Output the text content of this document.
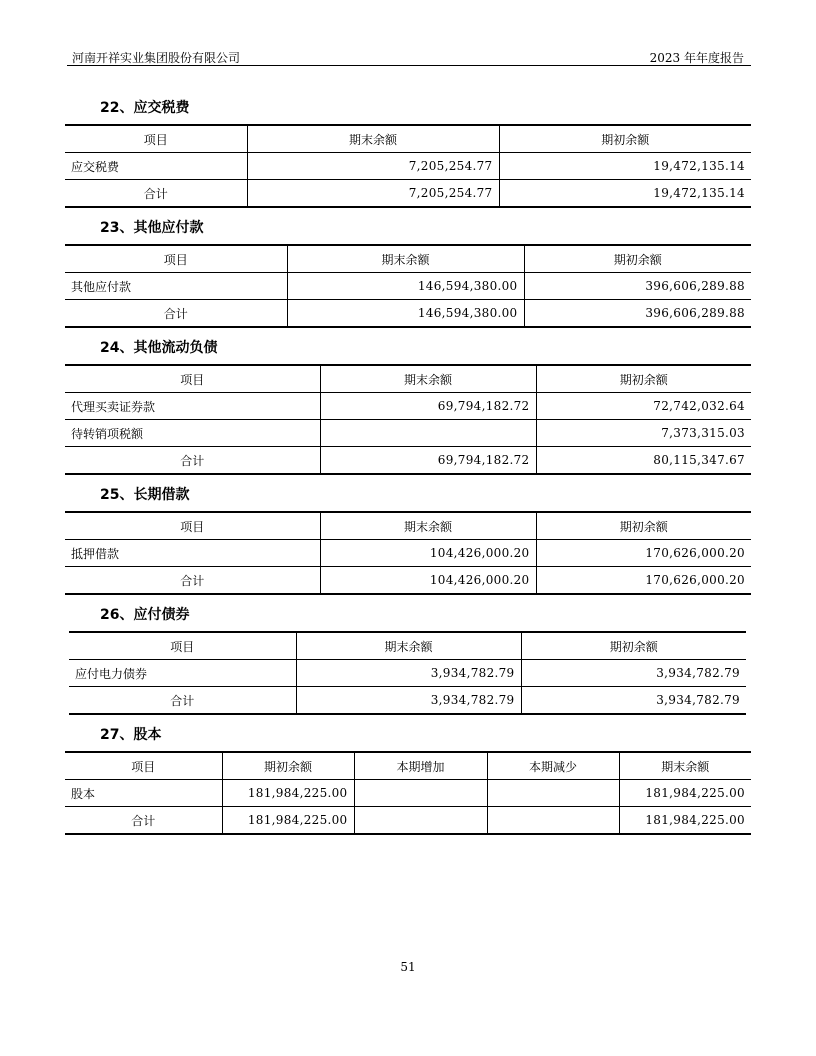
河南开祥实业集团股份有限公司	2023 年年度报告
22、应交税费
项目	期末余额	期初余额
应交税费	7,205,254.77	19,472,135.14
合计	7,205,254.77	19,472,135.14
23、其他应付款
项目	期末余额	期初余额
其他应付款	146,594,380.00	396,606,289.88
合计	146,594,380.00	396,606,289.88
24、其他流动负债
项目	期末余额	期初余额
代理买卖证券款	69,794,182.72	72,742,032.64
待转销项税额		7,373,315.03
合计	69,794,182.72	80,115,347.67
25、长期借款
项目	期末余额	期初余额
抵押借款	104,426,000.20	170,626,000.20
合计	104,426,000.20	170,626,000.20
26、应付债券
项目	期末余额	期初余额
应付电力债券	3,934,782.79	3,934,782.79
合计	3,934,782.79	3,934,782.79
27、股本
项目	期初余额	本期增加	本期减少	期末余额
股本	181,984,225.00			181,984,225.00
合计	181,984,225.00			181,984,225.00
51
